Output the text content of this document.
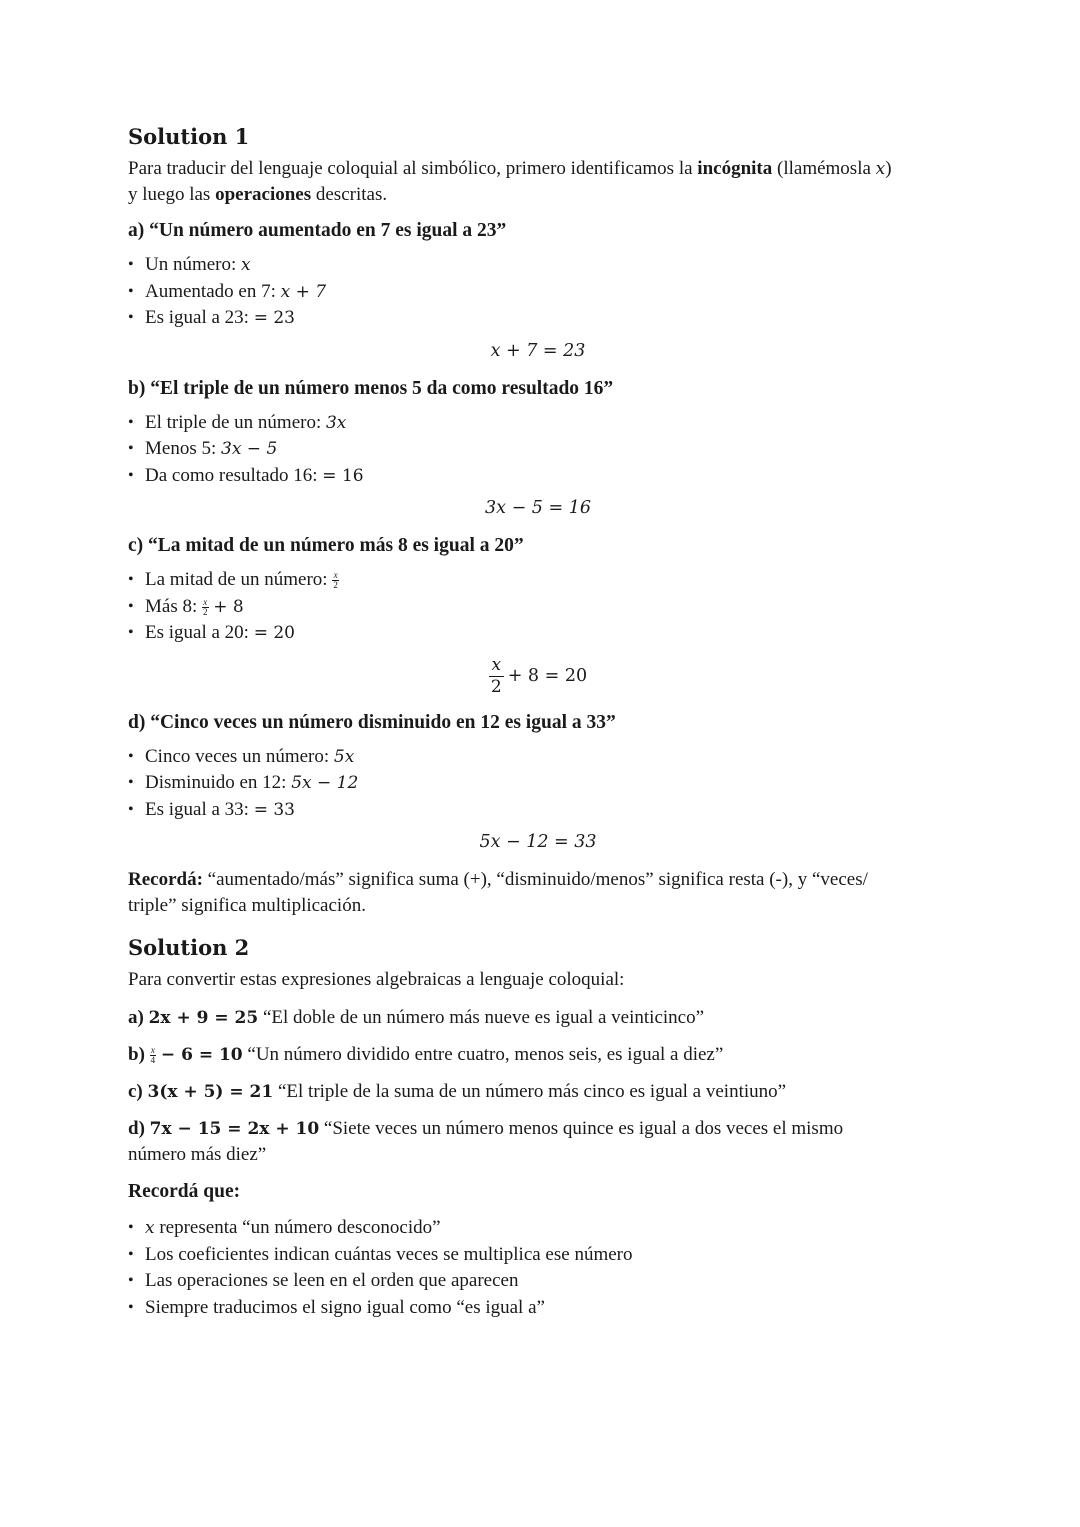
Solution 1

Para traducir del lenguaje coloquial al simbólico, primero identificamos la incógnita (llamémosla x)
y luego las operaciones descritas.

a) “Un número aumentado en 7 es igual a 23”
• Un número: x
• Aumentado en 7: x + 7
• Es igual a 23: = 23
x + 7 = 23
b) “El triple de un número menos 5 da como resultado 16”
• El triple de un número: 3x
• Menos 5: 3x − 5
• Da como resultado 16: = 16
3x − 5 = 16
c) “La mitad de un número más 8 es igual a 20”
• La mitad de un número: $\frac{x}{2}$
• Más 8: $\frac{x}{2} + 8$
• Es igual a 20: = 20
$\frac{x}{2} + 8 = 20$
d) “Cinco veces un número disminuido en 12 es igual a 33”
• Cinco veces un número: 5x
• Disminuido en 12: 5x − 12
• Es igual a 33: = 33
5x − 12 = 33

Recordá: “aumentado/más” significa suma (+), “disminuido/menos” significa resta (-), y “veces/
triple” significa multiplicación.

Solution 2

Para convertir estas expresiones algebraicas a lenguaje coloquial:

a) 2x + 9 = 25 “El doble de un número más nueve es igual a veinticinco”
$b) \frac{x}{4} - 6 = 10$ “Un número dividido entre cuatro, menos seis, es igual a diez”
c) 3(x + 5) = 21 “El triple de la suma de un número más cinco es igual a veintiuno”
d) 7x − 15 = 2x + 10 “Siete veces un número menos quince es igual a dos veces el mismo
número más diez”
Recordá que:
• x representa “un número desconocido”
• Los coeficientes indican cuántas veces se multiplica ese número
• Las operaciones se leen en el orden que aparecen
• Siempre traducimos el signo igual como “es igual a”
